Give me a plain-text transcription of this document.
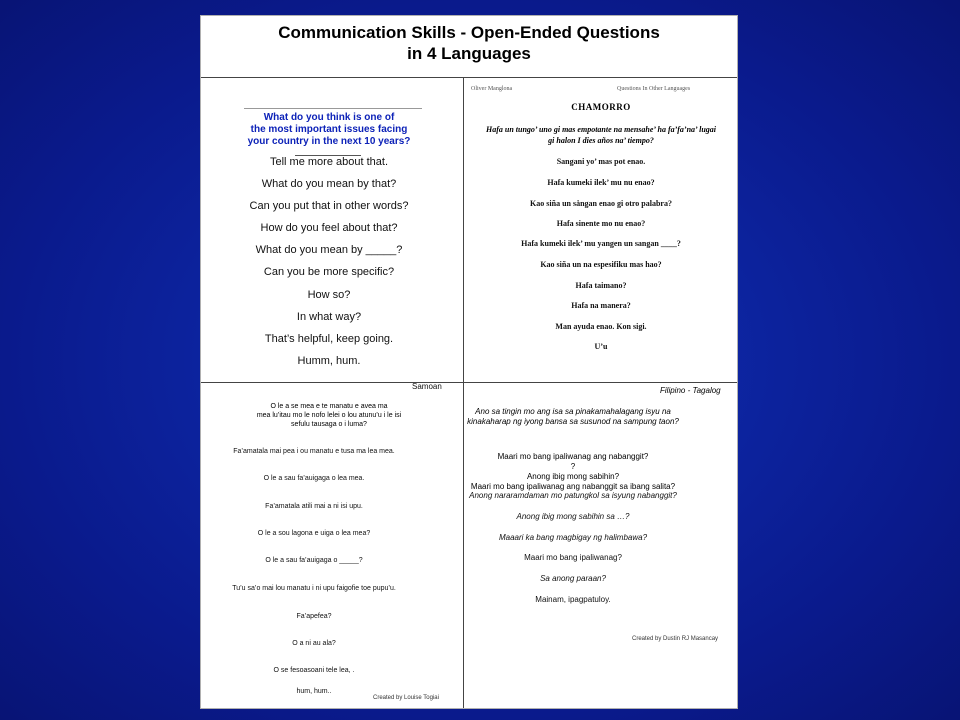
Communication Skills - Open-Ended Questions
in 4 Languages
What do you think is one of
the most important issues facing
your country in the next 10 years?

Tell me more about that.

What do you mean by that?

Can you put that in other words?

How do you feel about that?

What do you mean by _____?

Can you be more specific?

How so?

In what way?

That’s helpful, keep going.

Humm, hum.

Oliver Manglona	Questions In Other Languages
CHAMORRO
Hafa un tungo’ uno gi mas empotante na mensahe’ ha fa’fa’na’ lugai
gi halon I dies años na’ tiempo?

Sangani yo’ mas pot enao.

Hafa kumeki ilek’ mu nu enao?

Kao siña un sångan enao gi otro palabra?

Hafa sinente mo nu enao?

Hafa kumeki ilek’ mu yangen un sangan ____?

Kao siña un na espesifiku mas hao?

Hafa taimano?

Hafa na manera?

Man ayuda enao. Kon sigi.

U’u

Samoan
O le a se mea e te manatu e avea ma
mea lu’itau mo le nofo lelei o lou atunu’u i le isi
sefulu tausaga o i luma?

Fa’amatala mai pea i ou manatu e tusa ma lea mea.

O le a sau fa’auigaga o lea mea.

Fa’amatala atili mai a ni isi upu.

O le a sou lagona e uiga o lea mea?

O le a sau fa’auigaga o _____?

Tu’u sa’o mai lou manatu i ni upu faigofie toe pupu’u.

Fa’apefea?

O a ni au ala?

O se fesoasoani tele lea, .

hum, hum..

Created by Louise Togiai
Filipino - Tagalog
Ano sa tingin mo ang isa sa pinakamahalagang isyu na
kinakaharap ng iyong bansa sa susunod na sampung taon?
Maari mo bang ipaliwanag ang nabanggit?
?
Anong ibig mong sabihin?
Maari mo bang ipaliwanag ang nabanggit sa ibang salita?

Anong nararamdaman mo patungkol sa isyung nabanggit?

Anong ibig mong sabihin sa …?

Maaari ka bang magbigay ng halimbawa?

Maari mo bang ipaliwanag?

Sa anong paraan?

Mainam, ipagpatuloy.

Created by Dustin RJ Masancay
